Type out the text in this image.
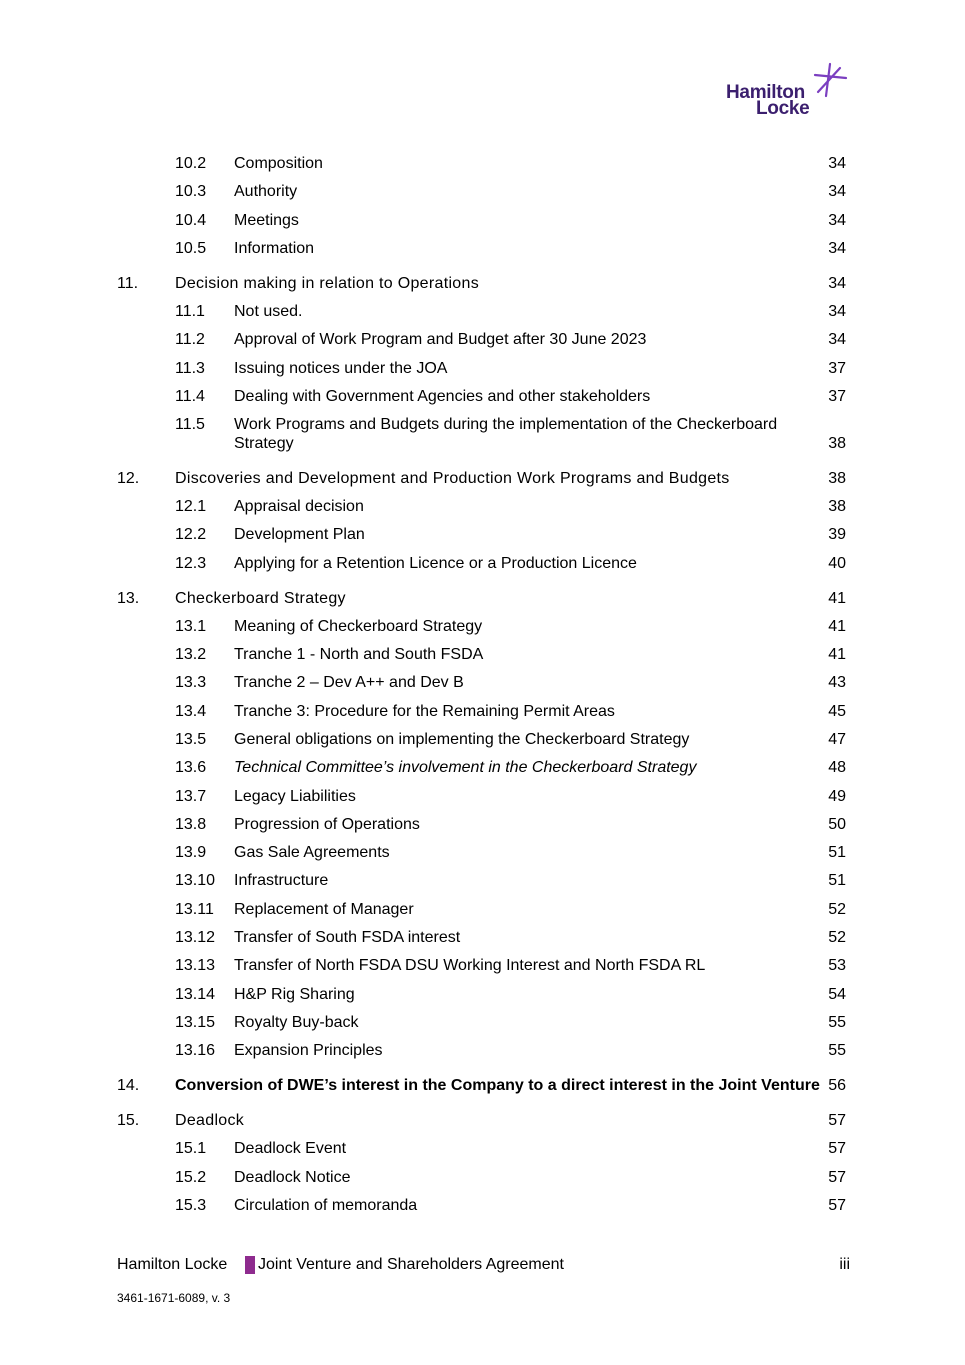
Hamilton
Locke
10.2 Composition	34
10.3 Authority	34
10.4 Meetings	34
10.5 Information	34
11. Decision making in relation to Operations	34
11.1 Not used.	34
11.2 Approval of Work Program and Budget after 30 June 2023	34
11.3 Issuing notices under the JOA	37
11.4 Dealing with Government Agencies and other stakeholders	37
11.5 Work Programs and Budgets during the implementation of the Checkerboard Strategy	38
12. Discoveries and Development and Production Work Programs and Budgets	38
12.1 Appraisal decision	38
12.2 Development Plan	39
12.3 Applying for a Retention Licence or a Production Licence	40
13. Checkerboard Strategy	41
13.1 Meaning of Checkerboard Strategy	41
13.2 Tranche 1 - North and South FSDA	41
13.3 Tranche 2 – Dev A++ and Dev B	43
13.4 Tranche 3: Procedure for the Remaining Permit Areas	45
13.5 General obligations on implementing the Checkerboard Strategy	47
13.6 Technical Committee’s involvement in the Checkerboard Strategy	48
13.7 Legacy Liabilities	49
13.8 Progression of Operations	50
13.9 Gas Sale Agreements	51
13.10 Infrastructure	51
13.11 Replacement of Manager	52
13.12 Transfer of South FSDA interest	52
13.13 Transfer of North FSDA DSU Working Interest and North FSDA RL	53
13.14 H&P Rig Sharing	54
13.15 Royalty Buy-back	55
13.16 Expansion Principles	55
14. Conversion of DWE’s interest in the Company to a direct interest in the Joint Venture 56
15. Deadlock	57
15.1 Deadlock Event	57
15.2 Deadlock Notice	57
15.3 Circulation of memoranda	57
Hamilton Locke Joint Venture and Shareholders Agreement	iii
3461-1671-6089, v. 3
